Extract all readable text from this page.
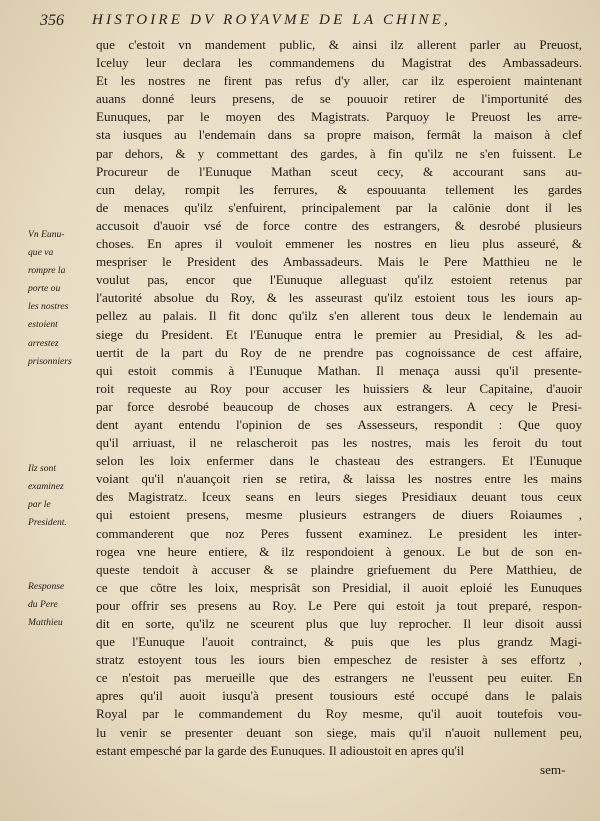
356 HISTOIRE DV ROYAVME DE LA CHINE,
que c'estoit vn mandement public, & ainsi ilz allerent parler au Preuost,
Iceluy leur declara les commandemens du Magistrat des Ambassadeurs.
Et les nostres ne firent pas refus d'y aller, car ilz esperoient maintenant
auans donné leurs presens, de se pouuoir retirer de l'importunité des
Eunuques, par le moyen des Magistrats. Parquoy le Preuost les arre-
sta iusques au l'endemain dans sa propre maison, fermât la maison à clef
par dehors, & y commettant des gardes, à fin qu'ilz ne s'en fuissent. Le
Procureur de l'Eunuque Mathan sceut cecy, & accourant sans au-
cun delay, rompit les ferrures, & espouuanta tellement les gardes
de menaces qu'ilz s'enfuirent, principalement par la calōnie dont il les
accusoit d'auoir vsé de force contre des estrangers, & desrobé plusieurs
choses. En apres il vouloit emmener les nostres en lieu plus asseuré, &
mespriser le President des Ambassadeurs. Mais le Pere Matthieu ne le
voulut pas, encor que l'Eunuque alleguast qu'ilz estoient retenus par
l'autorité absolue du Roy, & les asseurast qu'ilz estoient tous les iours ap-
pellez au palais. Il fit donc qu'ilz s'en allerent tous deux le lendemain au
siege du President. Et l'Eunuque entra le premier au Presidial, & les ad-
uertit de la part du Roy de ne prendre pas cognoissance de cest affaire,
qui estoit commis à l'Eunuque Mathan. Il menaça aussi qu'il presente-
roit requeste au Roy pour accuser les huissiers & leur Capitaine, d'auoir
par force desrobé beaucoup de choses aux estrangers. A cecy le Presi-
dent ayant entendu l'opinion de ses Assesseurs, respondit : Que quoy
qu'il arriuast, il ne relascheroit pas les nostres, mais les feroit du tout
selon les loix enfermer dans le chasteau des estrangers. Et l'Eunuque
voiant qu'il n'auançoit rien se retira, & laissa les nostres entre les mains
des Magistratz. Iceux seans en leurs sieges Presidiaux deuant tous ceux
qui estoient presens, mesme plusieurs estrangers de diuers Roiaumes ,
commanderent que noz Peres fussent examinez. Le president les inter-
rogea vne heure entiere, & ilz respondoient à genoux. Le but de son en-
queste tendoit à accuser & se plaindre griefuement du Pere Matthieu, de
ce que cõtre les loix, mesprisât son Presidial, il auoit eploié les Eunuques
pour offrir ses presens au Roy. Le Pere qui estoit ja tout preparé, respon-
dit en sorte, qu'ilz ne sceurent plus que luy reprocher. Il leur disoit aussi
que l'Eunuque l'auoit contrainct, & puis que les plus grandz Magi-
stratz estoyent tous les iours bien empeschez de resister à ses effortz ,
ce n'estoit pas merueille que des estrangers ne l'eussent peu euiter. En
apres qu'il auoit iusqu'à present tousiours esté occupé dans le palais
Royal par le commandement du Roy mesme, qu'il auoit toutefois vou-
lu venir se presenter deuant son siege, mais qu'il n'auoit nullement peu,
estant empesché par la garde des Eunuques. Il adioustoit en apres qu'il
Vn Eunu-
que va
rompre la
porte ou
les nostres
estoient
arrestez
prisonniers
Ilz sont
examinez
par le
President.
Response
du Pere
Matthieu
sem-
